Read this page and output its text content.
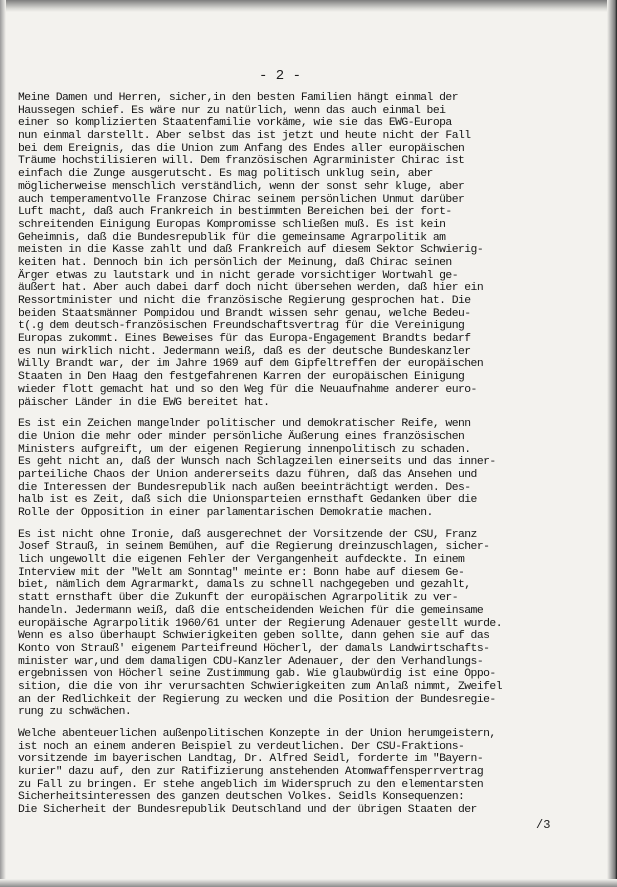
- 2 -
Meine Damen und Herren, sicher,in den besten Familien hängt einmal der
Haussegen schief. Es wäre nur zu natürlich, wenn das auch einmal bei
einer so komplizierten Staatenfamilie vorkäme, wie sie das EWG-Europa
nun einmal darstellt. Aber selbst das ist jetzt und heute nicht der Fall
bei dem Ereignis, das die Union zum Anfang des Endes aller europäischen
Träume hochstilisieren will. Dem französischen Agrarminister Chirac ist
einfach die Zunge ausgerutscht. Es mag politisch unklug sein, aber
möglicherweise menschlich verständlich, wenn der sonst sehr kluge, aber
auch temperamentvolle Franzose Chirac seinem persönlichen Unmut darüber
Luft macht, daß auch Frankreich in bestimmten Bereichen bei der fort-
schreitenden Einigung Europas Kompromisse schließen muß. Es ist kein
Geheimnis, daß die Bundesrepublik für die gemeinsame Agrarpolitik am
meisten in die Kasse zahlt und daß Frankreich auf diesem Sektor Schwierig-
keiten hat. Dennoch bin ich persönlich der Meinung, daß Chirac seinen
Ärger etwas zu lautstark und in nicht gerade vorsichtiger Wortwahl ge-
äußert hat. Aber auch dabei darf doch nicht übersehen werden, daß hier ein
Ressortminister und nicht die französische Regierung gesprochen hat. Die
beiden Staatsmänner Pompidou und Brandt wissen sehr genau, welche Bedeu-
t(.g dem deutsch-französischen Freundschaftsvertrag für die Vereinigung
Europas zukommt. Eines Beweises für das Europa-Engagement Brandts bedarf
es nun wirklich nicht. Jedermann weiß, daß es der deutsche Bundeskanzler
Willy Brandt war, der im Jahre 1969 auf dem Gipfeltreffen der europäischen
Staaten in Den Haag den festgefahrenen Karren der europäischen Einigung
wieder flott gemacht hat und so den Weg für die Neuaufnahme anderer euro-
päischer Länder in die EWG bereitet hat.
Es ist ein Zeichen mangelnder politischer und demokratischer Reife, wenn
die Union die mehr oder minder persönliche Äußerung eines französischen
Ministers aufgreift, um der eigenen Regierung innenpolitisch zu schaden.
Es geht nicht an, daß der Wunsch nach Schlagzeilen einerseits und das inner-
parteiliche Chaos der Union andererseits dazu führen, daß das Ansehen und
die Interessen der Bundesrepublik nach außen beeinträchtigt werden. Des-
halb ist es Zeit, daß sich die Unionsparteien ernsthaft Gedanken über die
Rolle der Opposition in einer parlamentarischen Demokratie machen.
Es ist nicht ohne Ironie, daß ausgerechnet der Vorsitzende der CSU, Franz
Josef Strauß, in seinem Bemühen, auf die Regierung dreinzuschlagen, sicher-
lich ungewollt die eigenen Fehler der Vergangenheit aufdeckte. In einem
Interview mit der "Welt am Sonntag" meinte er: Bonn habe auf diesem Ge-
biet, nämlich dem Agrarmarkt, damals zu schnell nachgegeben und gezahlt,
statt ernsthaft über die Zukunft der europäischen Agrarpolitik zu ver-
handeln. Jedermann weiß, daß die entscheidenden Weichen für die gemeinsame
europäische Agrarpolitik 1960/61 unter der Regierung Adenauer gestellt wurde.
Wenn es also überhaupt Schwierigkeiten geben sollte, dann gehen sie auf das
Konto von Strauß' eigenem Parteifreund Höcherl, der damals Landwirtschafts-
minister war,und dem damaligen CDU-Kanzler Adenauer, der den Verhandlungs-
ergebnissen von Höcherl seine Zustimmung gab. Wie glaubwürdig ist eine Oppo-
sition, die die von ihr verursachten Schwierigkeiten zum Anlaß nimmt, Zweifel
an der Redlichkeit der Regierung zu wecken und die Position der Bundesregie-
rung zu schwächen.
Welche abenteuerlichen außenpolitischen Konzepte in der Union herumgeistern,
ist noch an einem anderen Beispiel zu verdeutlichen. Der CSU-Fraktions-
vorsitzende im bayerischen Landtag, Dr. Alfred Seidl, forderte im "Bayern-
kurier" dazu auf, den zur Ratifizierung anstehenden Atomwaffensperrvertrag
zu Fall zu bringen. Er stehe angeblich im Widerspruch zu den elementarsten
Sicherheitsinteressen des ganzen deutschen Volkes. Seidls Konsequenzen:
Die Sicherheit der Bundesrepublik Deutschland und der übrigen Staaten der
/3
